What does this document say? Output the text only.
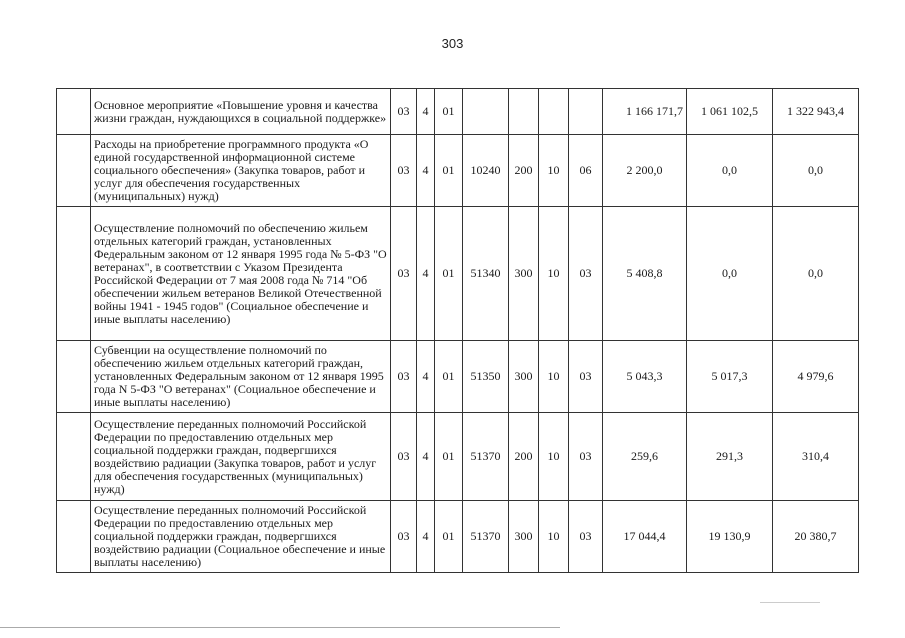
303
	Основное мероприятие «Повышение уровня и качества жизни граждан, нуждающихся в социальной поддержке»	03	4	01					1 166 171,7	1 061 102,5	1 322 943,4
	Расходы на приобретение программного продукта «О единой государственной информационной системе социального обеспечения» (Закупка товаров, работ и услуг для обеспечения государственных (муниципальных) нужд)	03	4	01	10240	200	10	06	2 200,0	0,0	0,0
	Осуществление полномочий по обеспечению жильем отдельных категорий граждан, установленных Федеральным законом от 12 января 1995 года № 5-ФЗ "О ветеранах", в соответствии с Указом Президента Российской Федерации от 7 мая 2008 года № 714 "Об обеспечении жильем ветеранов Великой Отечественной войны 1941 - 1945 годов" (Социальное обеспечение и иные выплаты населению)	03	4	01	51340	300	10	03	5 408,8	0,0	0,0
	Субвенции на осуществление полномочий по обеспечению жильем отдельных категорий граждан, установленных Федеральным законом от 12 января 1995 года N 5-ФЗ "О ветеранах" (Социальное обеспечение и иные выплаты населению)	03	4	01	51350	300	10	03	5 043,3	5 017,3	4 979,6
	Осуществление переданных полномочий Российской Федерации по предоставлению отдельных мер социальной поддержки граждан, подвергшихся воздействию радиации (Закупка товаров, работ и услуг для обеспечения государственных (муниципальных) нужд)	03	4	01	51370	200	10	03	259,6	291,3	310,4
	Осуществление переданных полномочий Российской Федерации по предоставлению отдельных мер социальной поддержки граждан, подвергшихся воздействию радиации (Социальное обеспечение и иные выплаты населению)	03	4	01	51370	300	10	03	17 044,4	19 130,9	20 380,7
